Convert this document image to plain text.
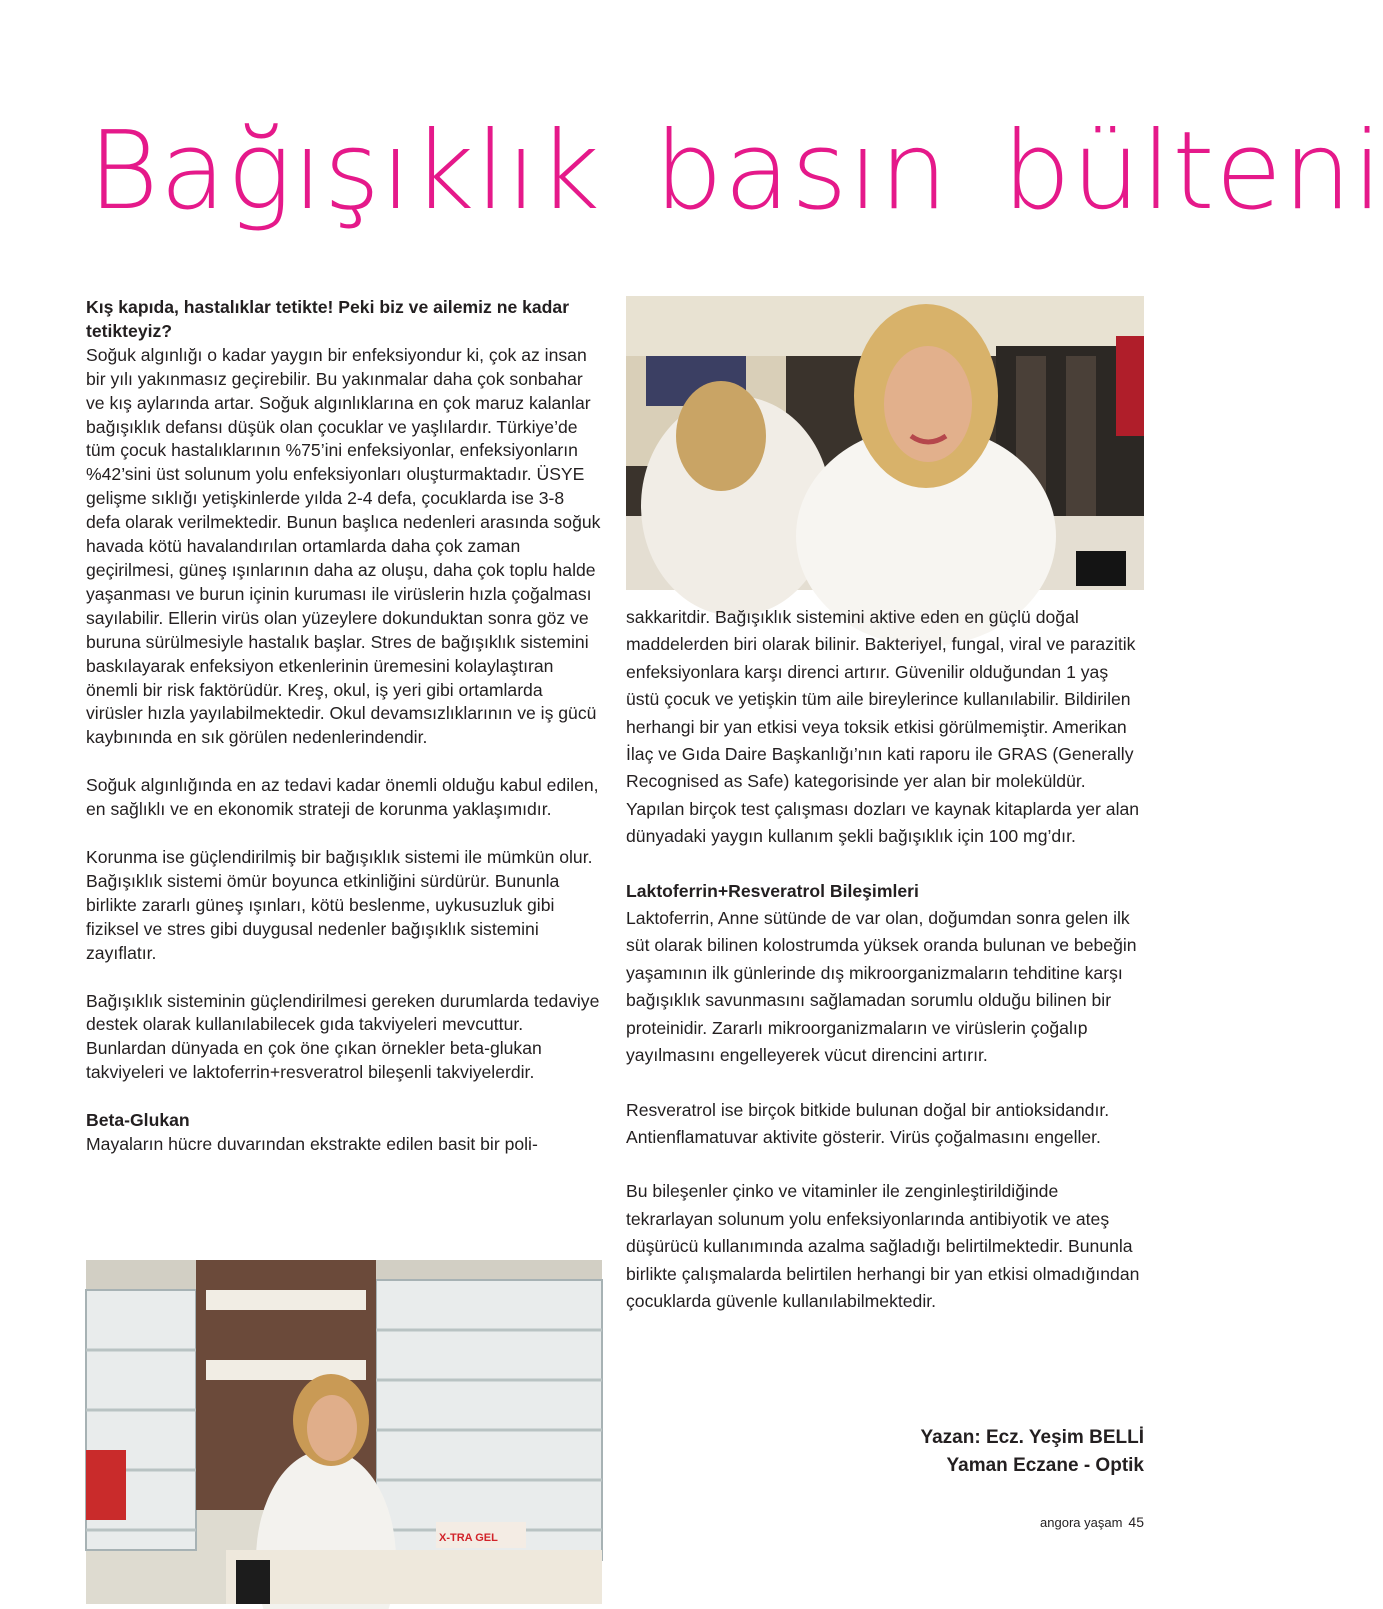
Bağışıklık basın bülteni
Kış kapıda, hastalıklar tetikte! Peki biz ve ailemiz ne kadar tetikteyiz?

Soğuk algınlığı o kadar yaygın bir enfeksiyondur ki, çok az insan bir yılı yakınmasız geçirebilir. Bu yakınmalar daha çok sonbahar ve kış aylarında artar. Soğuk algınlıklarına en çok maruz kalanlar bağışıklık defansı düşük olan çocuklar ve yaşlılardır. Türkiye’de tüm çocuk hastalıklarının %75’ini enfeksiyonlar, enfeksiyonların %42’sini üst solunum yolu enfeksiyonları oluşturmaktadır. ÜSYE gelişme sıklığı yetişkinlerde yılda 2-4 defa, çocuklarda ise 3-8 defa olarak verilmektedir. Bunun başlıca nedenleri arasında soğuk havada kötü havalandırılan ortamlarda daha çok zaman geçirilmesi, güneş ışınlarının daha az oluşu, daha çok toplu halde yaşanması ve burun içinin kuruması ile virüslerin hızla çoğalması sayılabilir. Ellerin virüs olan yüzeylere dokunduktan sonra göz ve buruna sürülmesiyle hastalık başlar. Stres de bağışıklık sistemini baskılayarak enfeksiyon etkenlerinin üremesini kolaylaştıran önemli bir risk faktörüdür. Kreş, okul, iş yeri gibi ortamlarda virüsler hızla yayılabilmektedir. Okul devamsızlıklarının ve iş gücü kaybınında en sık görülen nedenlerindendir.

Soğuk algınlığında en az tedavi kadar önemli olduğu kabul edilen, en sağlıklı ve en ekonomik strateji de korunma yaklaşımıdır.

Korunma ise güçlendirilmiş bir bağışıklık sistemi ile mümkün olur.

Bağışıklık sistemi ömür boyunca etkinliğini sürdürür. Bununla birlikte zararlı güneş ışınları, kötü beslenme, uykusuzluk gibi fiziksel ve stres gibi duygusal nedenler bağışıklık sistemini zayıflatır.

Bağışıklık sisteminin güçlendirilmesi gereken durumlarda tedaviye destek olarak kullanılabilecek gıda takviyeleri mevcuttur. Bunlardan dünyada en çok öne çıkan örnekler beta-glukan takviyeleri ve laktoferrin+resveratrol bileşenli takviyelerdir.

Beta-Glukan

Mayaların hücre duvarından ekstrakte edilen basit bir poli-

X-TRA GEL

sakkaritdir. Bağışıklık sistemini aktive eden en güçlü doğal maddelerden biri olarak bilinir. Bakteriyel, fungal, viral ve parazitik enfeksiyonlara karşı direnci artırır. Güvenilir olduğundan 1 yaş üstü çocuk ve yetişkin tüm aile bireylerince kullanılabilir. Bildirilen herhangi bir yan etkisi veya toksik etkisi görülmemiştir. Amerikan İlaç ve Gıda Daire Başkanlığı’nın kati raporu ile GRAS (Generally Recognised as Safe) kategorisinde yer alan bir moleküldür. Yapılan birçok test çalışması dozları ve kaynak kitaplarda yer alan dünyadaki yaygın kullanım şekli bağışıklık için 100 mg’dır.

Laktoferrin+Resveratrol Bileşimleri

Laktoferrin, Anne sütünde de var olan, doğumdan sonra gelen ilk süt olarak bilinen kolostrumda yüksek oranda bulunan ve bebeğin yaşamının ilk günlerinde dış mikroorganizmaların tehditine karşı bağışıklık savunmasını sağlamadan sorumlu olduğu bilinen bir proteinidir. Zararlı mikroorganizmaların ve virüslerin çoğalıp yayılmasını engelleyerek vücut direncini artırır.

Resveratrol ise birçok bitkide bulunan doğal bir antioksidandır. Antienflamatuvar aktivite gösterir. Virüs çoğalmasını engeller.

Bu bileşenler çinko ve vitaminler ile zenginleştirildiğinde tekrarlayan solunum yolu enfeksiyonlarında antibiyotik ve ateş düşürücü kullanımında azalma sağladığı belirtilmektedir. Bununla birlikte çalışmalarda belirtilen herhangi bir yan etkisi olmadığından çocuklarda güvenle kullanılabilmektedir.

Yazan: Ecz. Yeşim BELLİ
Yaman Eczane - Optik
angora yaşam 45
